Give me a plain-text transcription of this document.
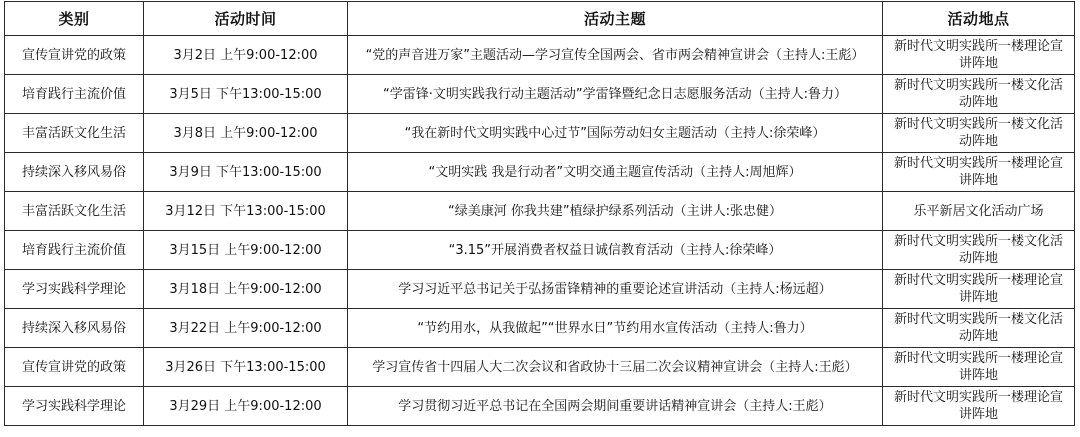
类别	活动时间	活动主题	活动地点
宣传宣讲党的政策	3月2日 上午9:00-12:00	“党的声音进万家”主题活动—学习宣传全国两会、省市两会精神宣讲会（主持人:王彪）	新时代文明实践所一楼理论宣讲阵地
培育践行主流价值	3月5日 下午13:00-15:00	“学雷锋·文明实践我行动主题活动”学雷锋暨纪念日志愿服务活动（主持人:鲁力）	新时代文明实践所一楼文化活动阵地
丰富活跃文化生活	3月8日 上午9:00-12:00	“我在新时代文明实践中心过节”国际劳动妇女主题活动（主持人:徐荣峰）	新时代文明实践所一楼文化活动阵地
持续深入移风易俗	3月9日 下午13:00-15:00	“文明实践 我是行动者”文明交通主题宣传活动（主持人:周旭辉）	新时代文明实践所一楼理论宣讲阵地
丰富活跃文化生活	3月12日 下午13:00-15:00	“绿美康河 你我共建”植绿护绿系列活动（主讲人:张忠健）	乐平新居文化活动广场
培育践行主流价值	3月15日 上午9:00-12:00	“3.15”开展消费者权益日诚信教育活动（主持人:徐荣峰）	新时代文明实践所一楼文化活动阵地
学习实践科学理论	3月18日 上午9:00-12:00	学习习近平总书记关于弘扬雷锋精神的重要论述宣讲活动（主持人:杨远超）	新时代文明实践所一楼理论宣讲阵地
持续深入移风易俗	3月22日 上午9:00-12:00	“节约用水，从我做起”“世界水日”节约用水宣传活动（主持人:鲁力）	新时代文明实践所一楼文化活动阵地
宣传宣讲党的政策	3月26日 下午13:00-15:00	学习宣传省十四届人大二次会议和省政协十三届二次会议精神宣讲会（主持人:王彪）	新时代文明实践所一楼理论宣讲阵地
学习实践科学理论	3月29日 上午9:00-12:00	学习贯彻习近平总书记在全国两会期间重要讲话精神宣讲会（主持人:王彪）	新时代文明实践所一楼理论宣讲阵地
